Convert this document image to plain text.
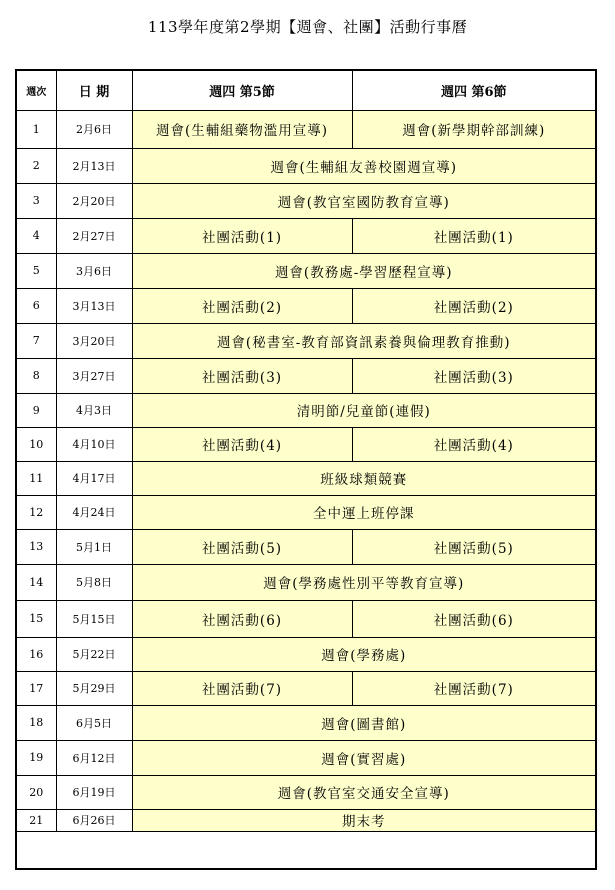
113學年度第2學期【週會、社團】活動行事曆
週次	日 期	週四 第5節	週四 第6節
1	2月6日	週會(生輔組藥物濫用宣導)	週會(新學期幹部訓練)
2	2月13日	週會(生輔組友善校園週宣導)	
3	2月20日	週會(教官室國防教育宣導)	
4	2月27日	社團活動(1)	社團活動(1)
5	3月6日	週會(教務處-學習歷程宣導)	
6	3月13日	社團活動(2)	社團活動(2)
7	3月20日	週會(秘書室-教育部資訊素養與倫理教育推動)	
8	3月27日	社團活動(3)	社團活動(3)
9	4月3日	清明節/兒童節(連假)	
10	4月10日	社團活動(4)	社團活動(4)
11	4月17日	班級球類競賽	
12	4月24日	全中運上班停課	
13	5月1日	社團活動(5)	社團活動(5)
14	5月8日	週會(學務處性別平等教育宣導)	
15	5月15日	社團活動(6)	社團活動(6)
16	5月22日	週會(學務處)	
17	5月29日	社團活動(7)	社團活動(7)
18	6月5日	週會(圖書館)	
19	6月12日	週會(實習處)	
20	6月19日	週會(教官室交通安全宣導)	
21	6月26日	期末考	
